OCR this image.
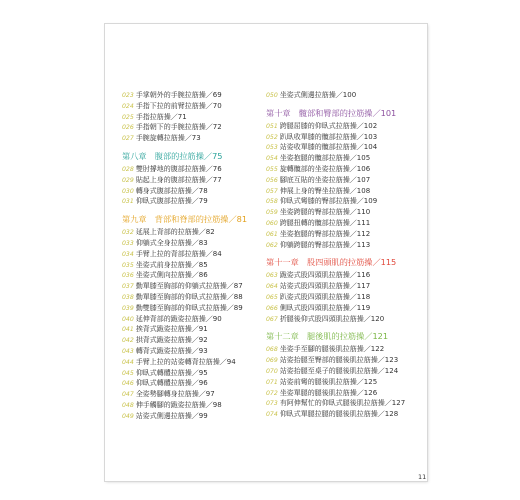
023 手掌朝外的手腕拉筋操／69
024 手指下拉的前臂拉筋操／70
025 手指拉筋操／71
026 手指朝下的手腕拉筋操／72
027 手腕旋轉拉筋操／73
第八章　腹部的拉筋操／75
028 雙肘撐地的腹部拉筋操／76
029 貼起上身的腹部拉筋操／77
030 轉身式腹部拉筋操／78
031 仰臥式腹部拉筋操／79
第九章　背部和脊部的拉筋操／81
032 延展上背部的拉筋操／82
033 仰躺式全身拉筋操／83
034 手臂上拉的背部拉筋操／84
035 坐姿式前身拉筋操／85
036 坐姿式側向拉筋操／86
037 勤單膝至胸部的仰躺式拉筋操／87
038 勤單膝至胸部的仰臥式拉筋操／88
039 勤雙膝至胸部的仰臥式拉筋操／89
040 延伸背部的跪姿拉筋操／90
041 挨背式跪姿拉筋操／91
042 拱背式跪姿拉筋操／92
043 轉背式跪姿拉筋操／93
044 手臂上拉的站姿轉背拉筋操／94
045 仰臥式轉體拉筋操／95
046 仰臥式轉體拉筋操／96
047 全姿勢腳轉身拉筋操／97
048 伸手觸腳的跪姿拉筋操／98
049 站姿式側邊拉筋操／99
050 坐姿式側邊拉筋操／100
第十章　髖部和臀部的拉筋操／101
051 跨腿屈膝的仰臥式拉筋操／102
052 趴臥收單膝的髖部拉筋操／103
053 站姿收單膝的髖部拉筋操／104
054 坐姿抱腿的髖部拉筋操／105
055 旋轉髖部的坐姿拉筋操／106
056 腳底互貼的坐姿拉筋操／107
057 伸展上身的臀坐拉筋操／108
058 仰臥式彎膝的臀部拉筋操／109
059 坐姿跨腿的臀部拉筋操／110
060 跨腿扭轉的髖部拉筋操／111
061 坐姿抱腿的臀部拉筋操／112
062 仰躺跨腿的臀部拉筋操／113
第十一章　股四頭肌的拉筋操／115
063 跪姿式股四頭肌拉筋操／116
064 站姿式股四頭肌拉筋操／117
065 趴姿式股四頭肌拉筋操／118
066 側臥式股四頭肌拉筋操／119
067 折腿後仰式股四頭肌拉筋操／120
第十二章　腿後肌的拉筋操／121
068 坐姿手至腳的腿後肌拉筋操／122
069 站姿抬腿至臀部的腿後肌拉筋操／123
070 站姿抬腿至桌子的腿後肌拉筋操／124
071 站姿前彎的腿後肌拉筋操／125
072 坐姿單腿的腿後肌拉筋操／126
073 有阿伸幫忙的仰臥式腿後肌拉筋操／127
074 仰臥式單腿拉腿的腿後肌拉筋操／128
11
